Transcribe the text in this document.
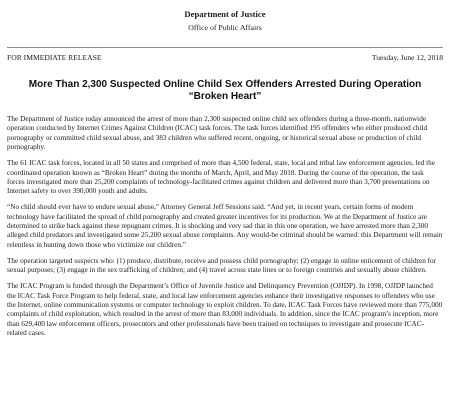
Department of Justice
Office of Public Affairs
FOR IMMEDIATE RELEASE	Tuesday, June 12, 2018
More Than 2,300 Suspected Online Child Sex Offenders Arrested During Operation “Broken Heart”

The Department of Justice today announced the arrest of more than 2,300 suspected online child sex offenders during a three-month, nationwide operation conducted by Internet Crimes Against Children (ICAC) task forces. The task forces identified 195 offenders who either produced child pornography or committed child sexual abuse, and 383 children who suffered recent, ongoing, or historical sexual abuse or production of child pornography.

The 61 ICAC task forces, located in all 50 states and comprised of more than 4,500 federal, state, local and tribal law enforcement agencies, led the coordinated operation known as “Broken Heart” during the months of March, April, and May 2018. During the course of the operation, the task forces investigated more than 25,200 complaints of technology-facilitated crimes against children and delivered more than 3,700 presentations on Internet safety to over 390,000 youth and adults.

“No child should ever have to endure sexual abuse,” Attorney General Jeff Sessions said. “And yet, in recent years, certain forms of modern technology have facilitated the spread of child pornography and created greater incentives for its production. We at the Department of Justice are determined to strike back against these repugnant crimes. It is shocking and very sad that in this one operation, we have arrested more than 2,300 alleged child predators and investigated some 25,200 sexual abuse complaints. Any would-be criminal should be warned: this Department will remain relentless in hunting down those who victimize our children.”

The operation targeted suspects who: (1) produce, distribute, receive and possess child pornography; (2) engage in online enticement of children for sexual purposes; (3) engage in the sex trafficking of children; and (4) travel across state lines or to foreign countries and sexually abuse children.

The ICAC Program is funded through the Department’s Office of Juvenile Justice and Delinquency Prevention (OJJDP). In 1998, OJJDP launched the ICAC Task Force Program to help federal, state, and local law enforcement agencies enhance their investigative responses to offenders who use the Internet, online communication systems or computer technology to exploit children. To date, ICAC Task Forces have reviewed more than 775,000 complaints of child exploitation, which resulted in the arrest of more than 83,000 individuals. In addition, since the ICAC program’s inception, more than 629,400 law enforcement officers, prosecutors and other professionals have been trained on techniques to investigate and prosecute ICAC-related cases.
